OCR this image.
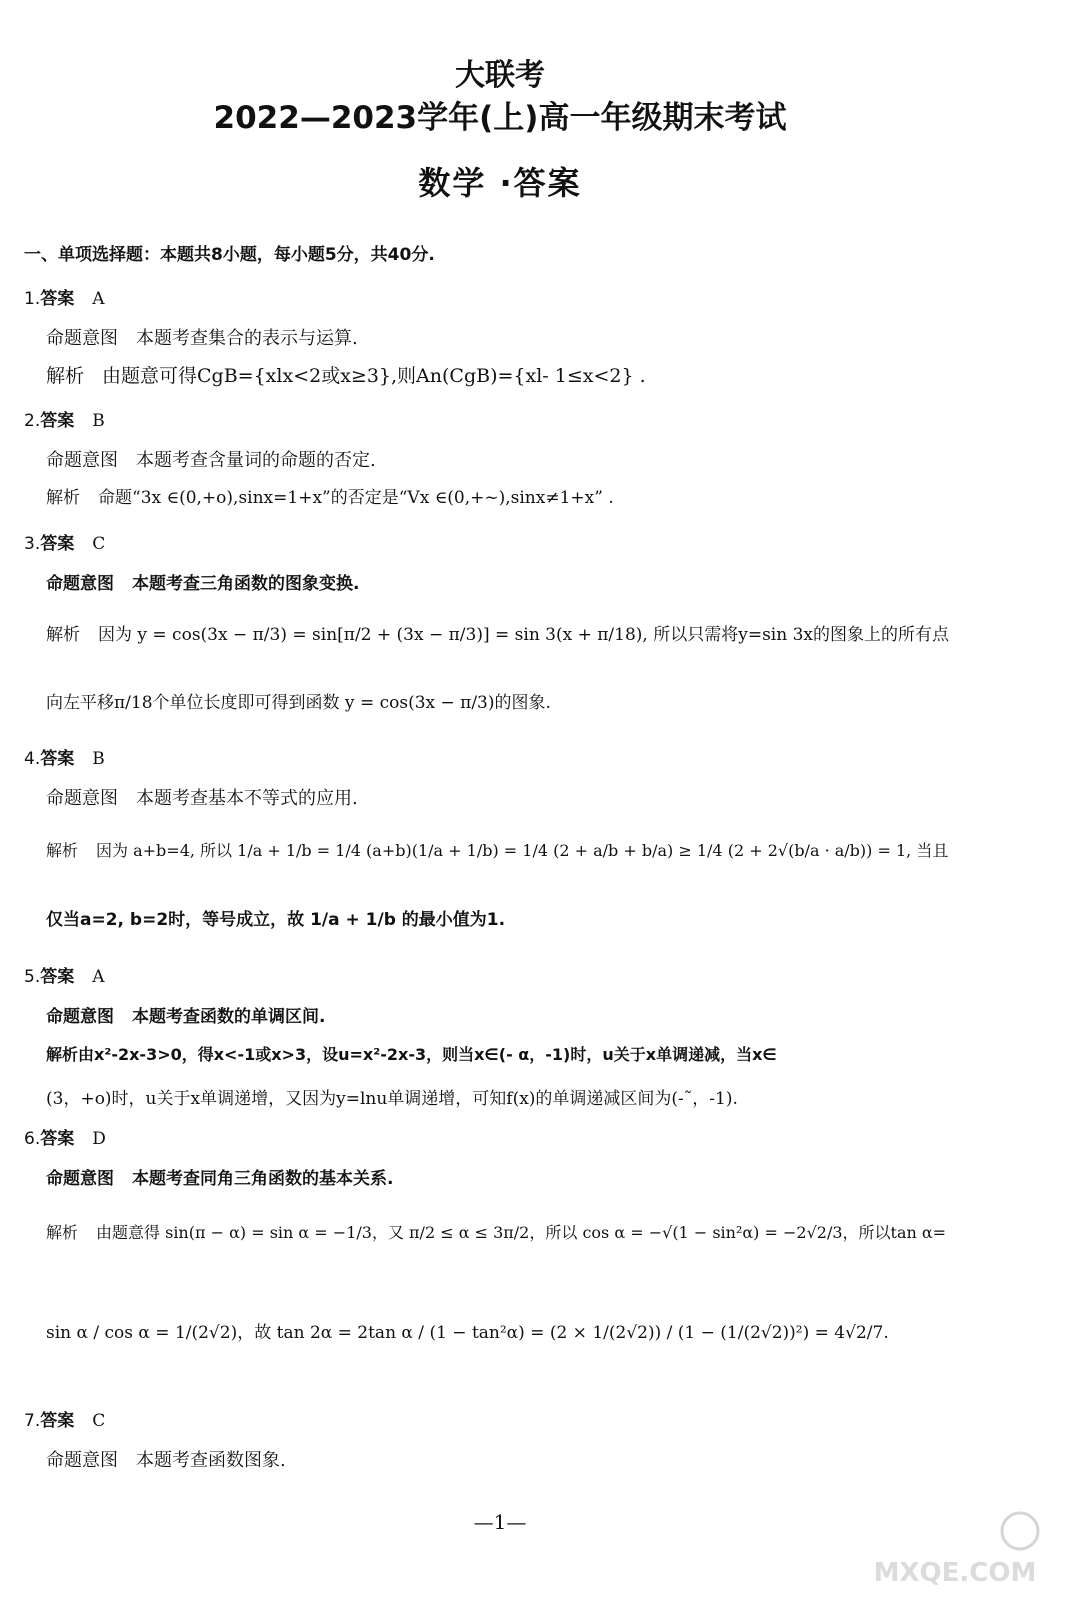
大联考
2022—2023学年(上)高一年级期末考试
数学 ·答案
一、单项选择题：本题共8小题，每小题5分，共40分.
1.答案 A
命题意图 本题考查集合的表示与运算.
解析 由题意可得CgB={xlx<2或x≥3},则An(CgB)={xl- 1≤x<2} .
2.答案 B
命题意图 本题考查含量词的命题的否定.
解析 命题“3x ∈(0,+o),sinx=1+x”的否定是“Vx ∈(0,+~),sinx≠1+x” .
3.答案 C
命题意图 本题考查三角函数的图象变换.
解析 因为 y = cos(3x − π/3) = sin[π/2 + (3x − π/3)] = sin 3(x + π/18), 所以只需将y=sin 3x的图象上的所有点
向左平移π/18个单位长度即可得到函数 y = cos(3x − π/3)的图象.
4.答案 B
命题意图 本题考查基本不等式的应用.
解析 因为 a+b=4, 所以 1/a + 1/b = 1/4 (a+b)(1/a + 1/b) = 1/4 (2 + a/b + b/a) ≥ 1/4 (2 + 2√(b/a · a/b)) = 1, 当且
仅当a=2, b=2时，等号成立，故 1/a + 1/b 的最小值为1.
5.答案 A
命题意图 本题考查函数的单调区间.
解析由x²-2x-3>0，得x<-1或x>3，设u=x²-2x-3，则当x∈(- α，-1)时，u关于x单调递减，当x∈
(3，+o)时，u关于x单调递增，又因为y=lnu单调递增，可知f(x)的单调递减区间为(-˜，-1).
6.答案 D
命题意图 本题考查同角三角函数的基本关系.
解析 由题意得 sin(π − α) = sin α = −1/3，又 π/2 ≤ α ≤ 3π/2，所以 cos α = −√(1 − sin²α) = −2√2/3，所以tan α=
sin α / cos α = 1/(2√2)，故 tan 2α = 2tan α / (1 − tan²α) = (2 × 1/(2√2)) / (1 − (1/(2√2))²) = 4√2/7.
7.答案 C
命题意图 本题考查函数图象.
—1—
MXQE.COM
